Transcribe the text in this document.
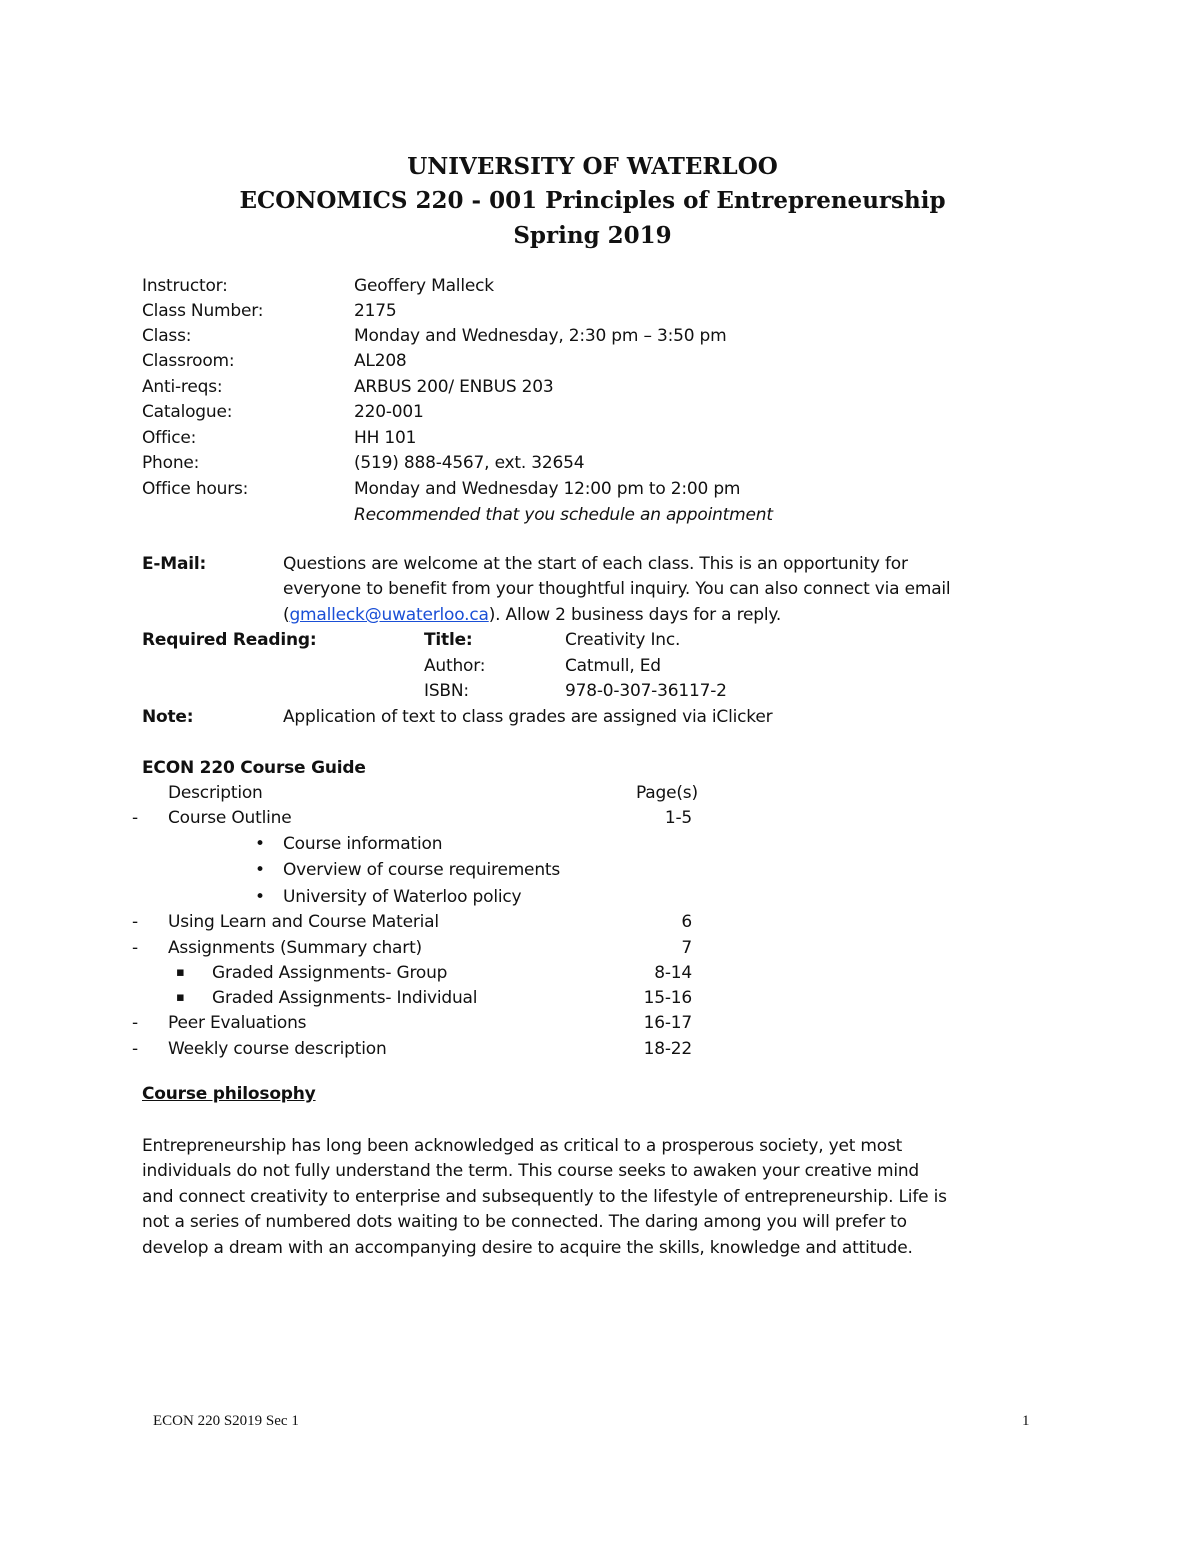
UNIVERSITY OF WATERLOO
ECONOMICS 220 - 001 Principles of Entrepreneurship
Spring 2019
Instructor:	Geoffery Malleck
Class Number:	2175
Class:	Monday and Wednesday, 2:30 pm – 3:50 pm
Classroom:	AL208
Anti-reqs:	ARBUS 200/ ENBUS 203
Catalogue:	220-001
Office:	HH 101
Phone:	(519) 888-4567, ext. 32654
Office hours:	Monday and Wednesday 12:00 pm to 2:00 pm
Recommended that you schedule an appointment
E-Mail:	Questions are welcome at the start of each class. This is an opportunity for
everyone to benefit from your thoughtful inquiry. You can also connect via email
(gmalleck@uwaterloo.ca). Allow 2 business days for a reply.
Required Reading:	Title:	Creativity Inc.
Author:	Catmull, Ed
ISBN:	978-0-307-36117-2
Note:	Application of text to class grades are assigned via iClicker
ECON 220 Course Guide
Description	Page(s)
- Course Outline	1-5
• Course information
• Overview of course requirements
• University of Waterloo policy
- Using Learn and Course Material	6
- Assignments (Summary chart)	7
▪ Graded Assignments- Group	8-14
▪ Graded Assignments- Individual	15-16
- Peer Evaluations	16-17
- Weekly course description	18-22
Course philosophy
Entrepreneurship has long been acknowledged as critical to a prosperous society, yet most
individuals do not fully understand the term. This course seeks to awaken your creative mind
and connect creativity to enterprise and subsequently to the lifestyle of entrepreneurship. Life is
not a series of numbered dots waiting to be connected. The daring among you will prefer to
develop a dream with an accompanying desire to acquire the skills, knowledge and attitude.
ECON 220 S2019 Sec 1	1
